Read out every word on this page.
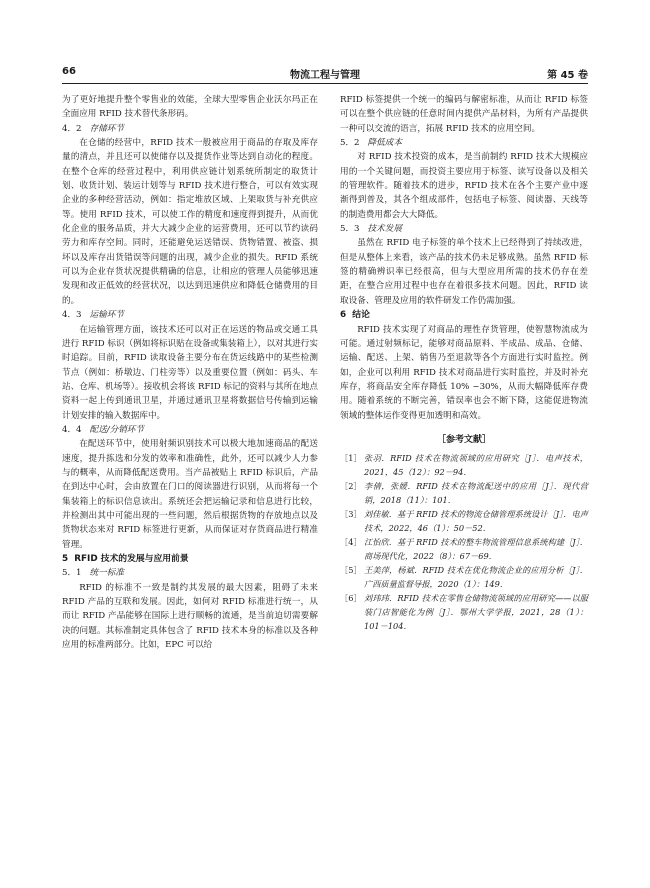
66	物流工程与管理	第 45 卷

为了更好地提升整个零售业的效能，全球大型零售企业沃尔玛正在全面应用 RFID 技术替代条形码。

4．2 存储环节

在仓储的经营中，RFID 技术一般被应用于商品的存取及库存量的清点，并且还可以使储存以及提货作业等达到自动化的程度。在整个仓库的经营过程中，利用供应链计划系统所制定的取货计划、收货计划、装运计划等与 RFID 技术进行整合，可以有效实现企业的多种经营活动，例如：指定堆放区域、上架取货与补充供应等。使用 RFID 技术，可以使工作的精度和速度得到提升，从而优化企业的服务品质，并大大减少企业的运营费用，还可以节约读码劳力和库存空间。同时，还能避免运送错误、货物错置、被盗、损坏以及库存出货错误等问题的出现，减少企业的损失。RFID 系统可以为企业存货状况提供精确的信息，让相应的管理人员能够迅速发现和改正低效的经营状况，以达到迅速供应和降低仓储费用的目的。

4．3 运输环节

在运输管理方面，该技术还可以对正在运送的物品或交通工具进行 RFID 标识（例如将标识贴在设备或集装箱上），以对其进行实时追踪。目前，RFID 读取设备主要分布在货运线路中的某些检测节点（例如：桥墩边、门柱旁等）以及重要位置（例如：码头、车站、仓库、机场等）。接收机会将该 RFID 标记的资料与其所在地点资料一起上传到通讯卫星，并通过通讯卫星将数据信号传输到运输计划安排的输入数据库中。

4．4 配送/分销环节

在配送环节中，使用射频识别技术可以极大地加速商品的配送速度，提升拣选和分发的效率和准确性，此外，还可以减少人力参与的概率，从而降低配送费用。当产品被贴上 RFID 标识后，产品在到达中心时，会由放置在门口的阅读器进行识别，从而将每一个集装箱上的标识信息读出。系统还会把运输记录和信息进行比较，并检测出其中可能出现的一些问题，然后根据货物的存放地点以及货物状态来对 RFID 标签进行更新，从而保证对存货商品进行精准管理。

5 RFID 技术的发展与应用前景
5．1 统一标准

RFID 的标准不一致是制约其发展的最大因素，阻碍了未来 RFID 产品的互联和发展。因此，如何对 RFID 标准进行统一，从而让 RFID 产品能够在国际上进行顺畅的流通，是当前迫切需要解决的问题。其标准制定具体包含了 RFID 技术本身的标准以及各种应用的标准两部分。比如，EPC 可以给

RFID 标签提供一个统一的编码与解密标准，从而让 RFID 标签可以在整个供应链的任意时间内提供产品材料，为所有产品提供一种可以交流的语言，拓展 RFID 技术的应用空间。

5．2 降低成本

对 RFID 技术投资的成本，是当前制约 RFID 技术大规模应用的一个关键问题，而投资主要应用于标签、读写设备以及相关的管理软件。随着技术的进步，RFID 技术在各个主要产业中逐渐得到普及，其各个组成部件，包括电子标签、阅读器、天线等的制造费用都会大大降低。

5．3 技术发展

虽然在 RFID 电子标签的单个技术上已经得到了持续改进，但是从整体上来看，该产品的技术仍未足够成熟。虽然 RFID 标签的精确辨识率已经很高，但与大型应用所需的技术仍存在差距，在整合应用过程中也存在着很多技术问题。因此，RFID 读取设备、管理及应用的软件研发工作仍需加强。

6 结论

RFID 技术实现了对商品的理性存货管理，使智慧物流成为可能。通过射频标记，能够对商品原料、半成品、成品、仓储、运输、配送、上架、销售乃至退款等各个方面进行实时监控。例如，企业可以利用 RFID 技术对商品进行实时监控，并及时补充库存，将商品安全库存降低 10% ~30%，从而大幅降低库存费用。随着系统的不断完善，错误率也会不断下降，这能促进物流领域的整体运作变得更加透明和高效。

［参考文献］
［1］ 张羽．RFID 技术在物流领域的应用研究［J］．电声技术，2021，45（12）：92－94．
［2］ 李倩，张媛．RFID 技术在物流配送中的应用［J］．现代营销，2018（11）：101．
［3］ 刘佳敏．基于 RFID 技术的物流仓储管理系统设计［J］．电声技术，2022，46（1）：50－52．
［4］ 江怡欣．基于 RFID 技术的整车物流管理信息系统构建［J］．商场现代化，2022（8）：67－69．
［5］ 王美萍，杨斌．RFID 技术在优化物流企业的应用分析［J］．广西质量监督导报，2020（1）：149．
［6］ 刘玮玮．RFID 技术在零售仓储物流领域的应用研究——以服装门店智能化为例［J］．鄂州大学学报，2021，28（1）：101－104．
